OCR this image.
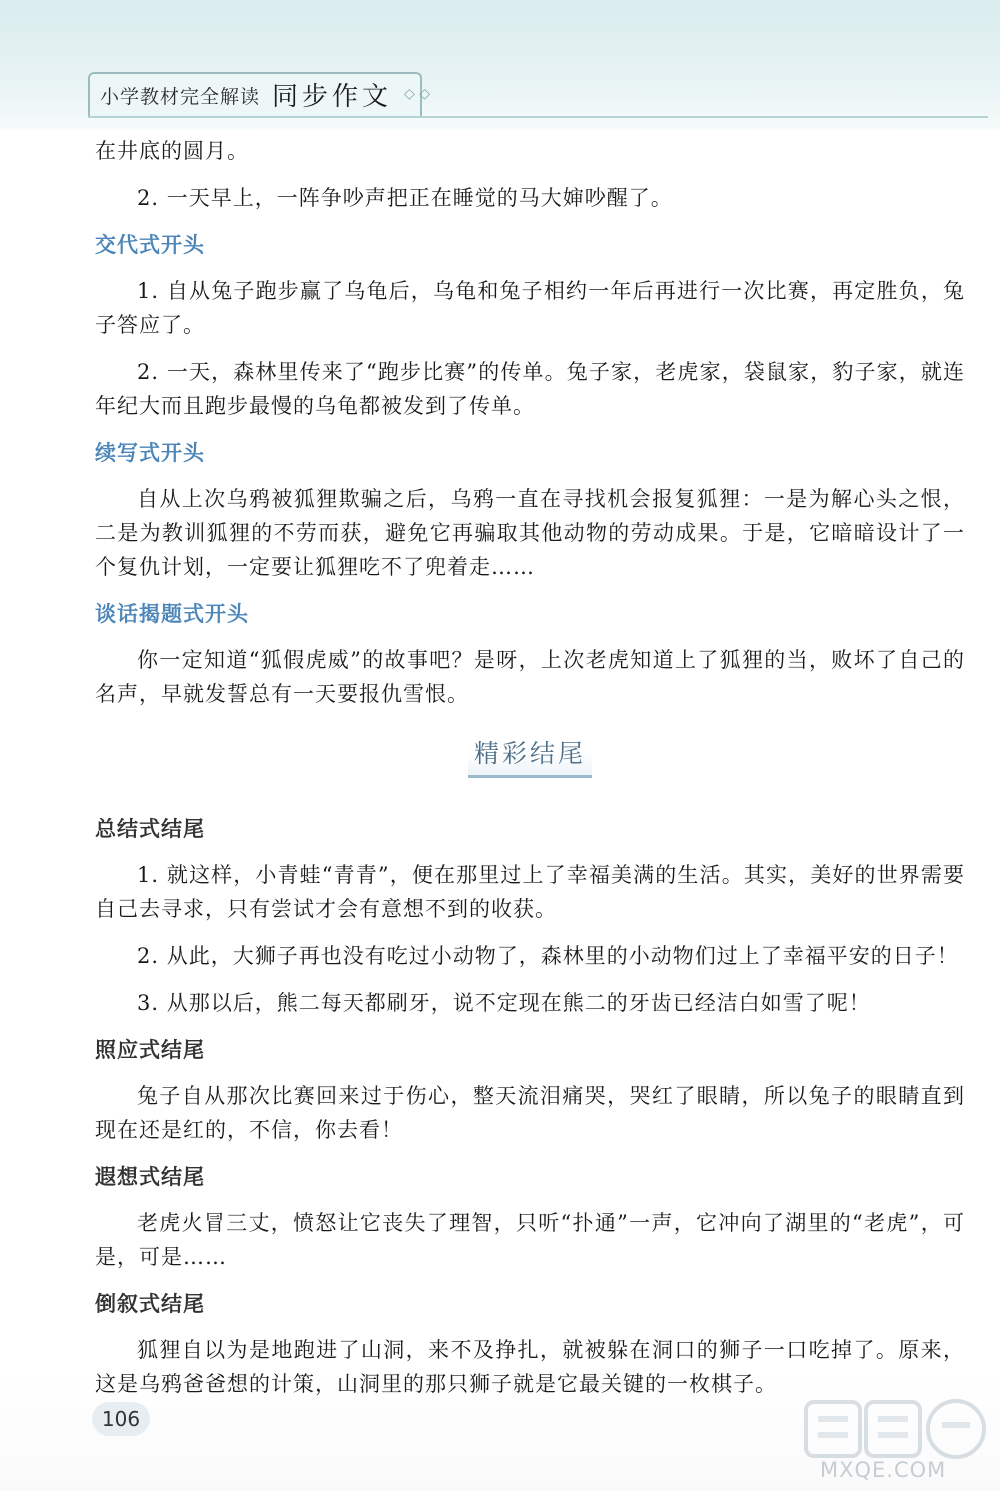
小学教材完全解读 同步作文 ◇ ◇

在井底的圆月。

2. 一天早上，一阵争吵声把正在睡觉的马大婶吵醒了。

交代式开头

1. 自从兔子跑步赢了乌龟后，乌龟和兔子相约一年后再进行一次比赛，再定胜负，兔子答应了。

2. 一天，森林里传来了“跑步比赛”的传单。兔子家，老虎家，袋鼠家，豹子家，就连年纪大而且跑步最慢的乌龟都被发到了传单。

续写式开头

自从上次乌鸦被狐狸欺骗之后，乌鸦一直在寻找机会报复狐狸：一是为解心头之恨，二是为教训狐狸的不劳而获，避免它再骗取其他动物的劳动成果。于是，它暗暗设计了一个复仇计划，一定要让狐狸吃不了兜着走……

谈话揭题式开头

你一定知道“狐假虎威”的故事吧？是呀，上次老虎知道上了狐狸的当，败坏了自己的名声，早就发誓总有一天要报仇雪恨。

精彩结尾
总结式结尾

1. 就这样，小青蛙“青青”，便在那里过上了幸福美满的生活。其实，美好的世界需要自己去寻求，只有尝试才会有意想不到的收获。

2. 从此，大狮子再也没有吃过小动物了，森林里的小动物们过上了幸福平安的日子！

3. 从那以后，熊二每天都刷牙，说不定现在熊二的牙齿已经洁白如雪了呢！

照应式结尾

兔子自从那次比赛回来过于伤心，整天流泪痛哭，哭红了眼睛，所以兔子的眼睛直到现在还是红的，不信，你去看！

遐想式结尾

老虎火冒三丈，愤怒让它丧失了理智，只听“扑通”一声，它冲向了湖里的“老虎”，可是，可是……

倒叙式结尾

狐狸自以为是地跑进了山洞，来不及挣扎，就被躲在洞口的狮子一口吃掉了。原来，这是乌鸦爸爸想的计策，山洞里的那只狮子就是它最关键的一枚棋子。

106
MXQE.COM
